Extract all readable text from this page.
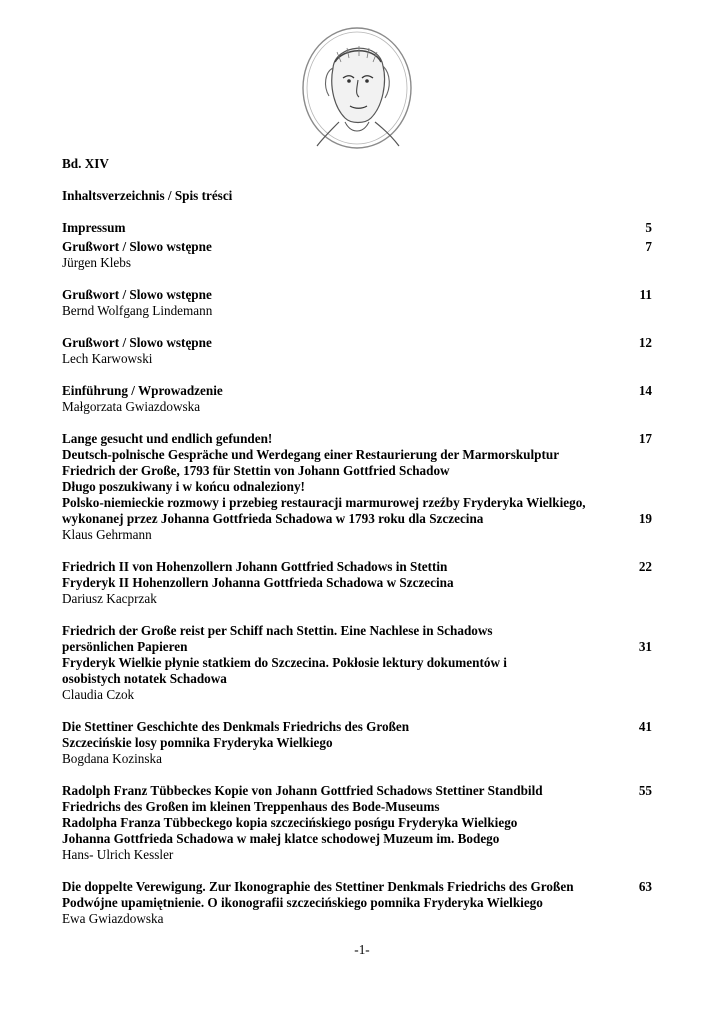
Bd. XIV
Inhaltsverzeichnis / Spis trésci
Impressum	5
Grußwort / Slowo wstępne	7
Jürgen Klebs
Grußwort / Slowo wstępne	11
Bernd Wolfgang Lindemann
Grußwort / Slowo wstępne	12
Lech Karwowski
Einführung / Wprowadzenie	14
Małgorzata Gwiazdowska
Lange gesucht und endlich gefunden!	17
Deutsch-polnische Gespräche und Werdegang einer Restaurierung der Marmorskulptur
Friedrich der Große, 1793 für Stettin von Johann Gottfried Schadow
Długo poszukiwany i w końcu odnaleziony!
Polsko-niemieckie rozmowy i przebieg restauracji marmurowej rzeźby Fryderyka Wielkiego,
wykonanej przez Johanna Gottfrieda Schadowa w 1793 roku dla Szczecina	19
Klaus Gehrmann
Friedrich II von Hohenzollern Johann Gottfried Schadows in Stettin	22
Fryderyk II Hohenzollern Johanna Gottfrieda Schadowa w Szczecina
Dariusz Kacprzak
Friedrich der Große reist per Schiff nach Stettin. Eine Nachlese in Schadows
persönlichen Papieren	31
Fryderyk Wielkie płynie statkiem do Szczecina. Pokłosie lektury dokumentów i
osobistych notatek Schadowa
Claudia Czok
Die Stettiner Geschichte des Denkmals Friedrichs des Großen	41
Szczecińskie losy pomnika Fryderyka Wielkiego
Bogdana Kozinska
Radolph Franz Tübbeckes Kopie von Johann Gottfried Schadows Stettiner Standbild	55
Friedrichs des Großen im kleinen Treppenhaus des Bode-Museums
Radolpha Franza Tübbeckego kopia szczecińskiego posńgu Fryderyka Wielkiego
Johanna Gottfrieda Schadowa w małej klatce schodowej Muzeum im. Bodego
Hans- Ulrich Kessler
Die doppelte Verewigung. Zur Ikonographie des Stettiner Denkmals Friedrichs des Großen	63
Podwójne upamiętnienie. O ikonografii szczecińskiego pomnika Fryderyka Wielkiego
Ewa Gwiazdowska
-1-
